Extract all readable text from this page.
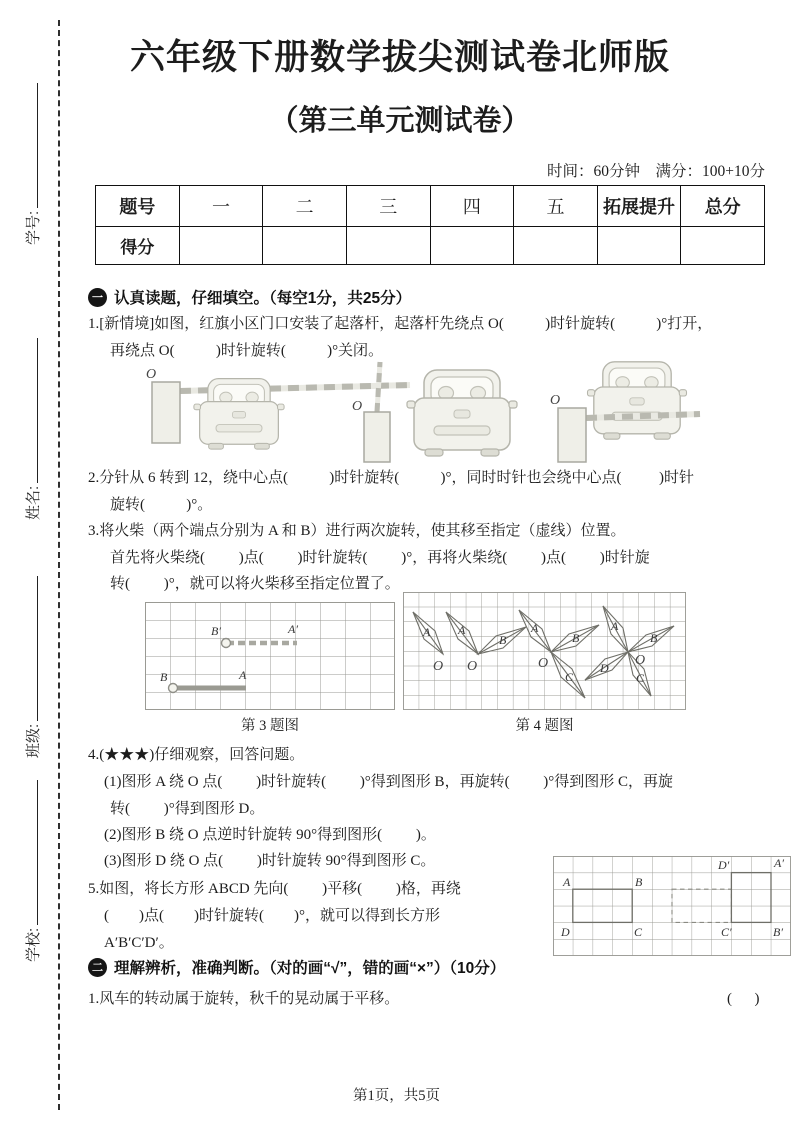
学号:
姓名:
班级:
学校:
六年级下册数学拔尖测试卷北师版
（第三单元测试卷）
时间：60分钟　满分：100+10分
题号	一	二	三	四	五	拓展提升	总分
得分							
一 认真读题，仔细填空。（每空1分，共25分）
1.[新情境]如图，红旗小区门口安装了起落杆，起落杆先绕点 O(           )时针旋转(           )°打开，
再绕点 O(           )时针旋转(           )°关闭。
O
O	O
2.分针从 6 转到 12，绕中心点(           )时针旋转(           )°，同时时针也会绕中心点(          )时针
旋转(           )°。
3.将火柴（两个端点分别为 A 和 B）进行两次旋转，使其移至指定（虚线）位置。
首先将火柴绕(         )点(         )时针旋转(         )°，再将火柴绕(         )点(         )时针旋
转(         )°，就可以将火柴移至指定位置了。
B′	A′
B	A
第 3 题图
A
O
A
B
O
A
B
C
O
A
B
C
D O
第 4 题图
4.(★★★)仔细观察，回答问题。
(1)图形 A 绕 O 点(         )时针旋转(         )°得到图形 B，再旋转(         )°得到图形 C，再旋
转(         )°得到图形 D。
(2)图形 B 绕 O 点逆时针旋转 90°得到图形(         )。
(3)图形 D 绕 O 点(         )时针旋转 90°得到图形 C。
5.如图，将长方形 ABCD 先向(         )平移(         )格，再绕
(        )点(        )时针旋转(        )°，就可以得到长方形
A′B′C′D′。
A	B
D	C
D′	A′
C′	B′
二 理解辨析，准确判断。（对的画“√”，错的画“×”）（10分）
1.风车的转动属于旋转，秋千的晃动属于平移。	(      )
第1页，共5页
